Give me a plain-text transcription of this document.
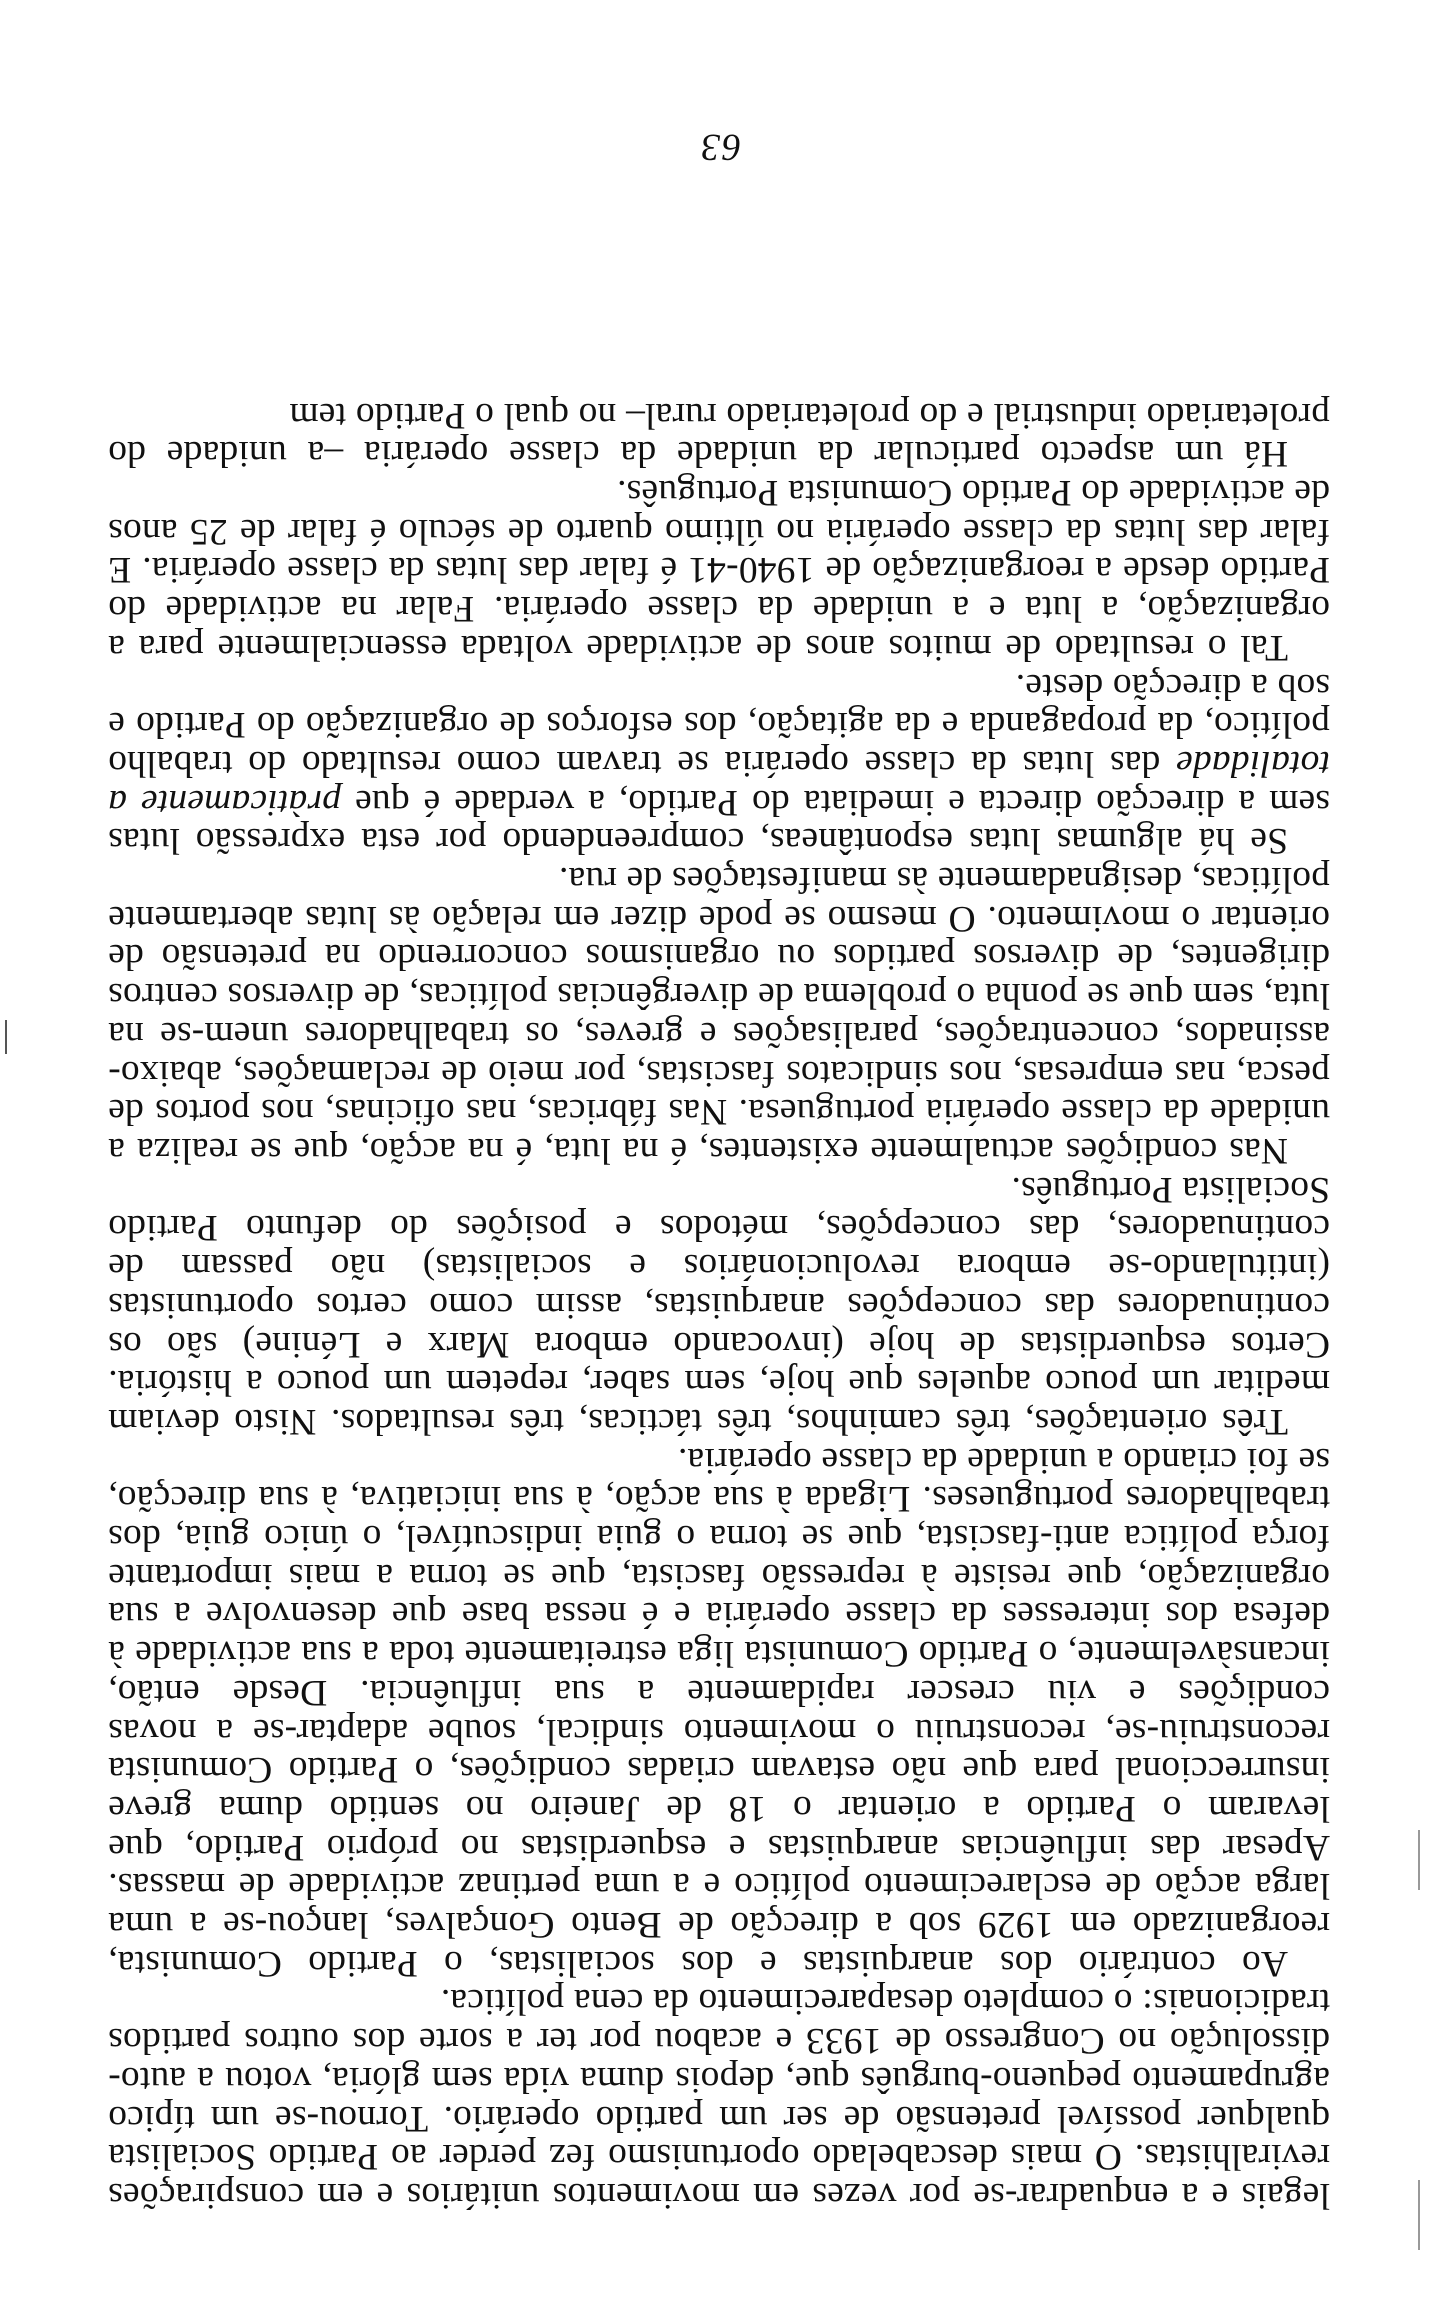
legais e a enquadrar-se por vezes em movimentos unitários e em conspirações reviralhistas. O mais descabelado oportunismo fez perder ao Partido Socialista qualquer possível pretensão de ser um partido operário. Tornou-se um típico agrupamento pequeno-burguês que, depois duma vida sem glória, votou a auto-dissolução no Congresso de 1933 e acabou por ter a sorte dos outros partidos tradicionais: o completo desaparecimento da cena política.

Ao contrário dos anarquistas e dos socialistas, o Partido Comunista, reorganizado em 1929 sob a direcção de Bento Gonçalves, lançou-se a uma larga acção de esclarecimento político e a uma pertinaz actividade de massas. Apesar das influências anarquistas e esquerdistas no próprio Partido, que levaram o Partido a orientar o 18 de Janeiro no sentido duma greve insurreccional para que não estavam criadas condições, o Partido Comunista reconstruiu-se, reconstruiu o movimento sindical, soube adaptar-se a novas condições e viu crescer rapidamente a sua influência. Desde então, incansàvelmente, o Partido Comunista liga estreitamente toda a sua actividade à defesa dos interesses da classe operária e é nessa base que desenvolve a sua organização, que resiste à repressão fascista, que se torna a mais importante força política anti-fascista, que se torna o guia indiscutível, o único guia, dos trabalhadores portugueses. Ligada à sua acção, à sua iniciativa, à sua direcção, se foi criando a unidade da classe operária.

Três orientações, três caminhos, três tácticas, três resultados. Nisto deviam meditar um pouco aqueles que hoje, sem saber, repetem um pouco a história. Certos esquerdistas de hoje (invocando embora Marx e Lénine) são os continuadores das concepções anarquistas, assim como certos oportunistas (intitulando-se embora revolucionários e socialistas) não passam de continuadores, das concepções, métodos e posições do defunto Partido Socialista Português.

Nas condições actualmente existentes, é na luta, é na acção, que se realiza a unidade da classe operária portuguesa. Nas fábricas, nas oficinas, nos portos de pesca, nas empresas, nos sindicatos fascistas, por meio de reclamações, abaixo-assinados, concentrações, paralisações e greves, os trabalhadores unem-se na luta, sem que se ponha o problema de divergências políticas, de diversos centros dirigentes, de diversos partidos ou organismos concorrendo na pretensão de orientar o movimento. O mesmo se pode dizer em relação às lutas abertamente políticas, designadamente às manifestações de rua.

Se há algumas lutas espontâneas, compreendendo por esta expressão lutas sem a direcção directa e imediata do Partido, a verdade é que pràticamente a totalidade das lutas da classe operária se travam como resultado do trabalho político, da propaganda e da agitação, dos esforços de organização do Partido e sob a direcção deste.

Tal o resultado de muitos anos de actividade voltada essencialmente para a organização, a luta e a unidade da classe operária. Falar na actividade do Partido desde a reorganização de 1940-41 é falar das lutas da classe operária. E falar das lutas da classe operária no último quarto de século é falar de 25 anos de actividade do Partido Comunista Português.

Há um aspecto particular da unidade da classe operária –a unidade do proletariado industrial e do proletariado rural– no qual o Partido tem

63
